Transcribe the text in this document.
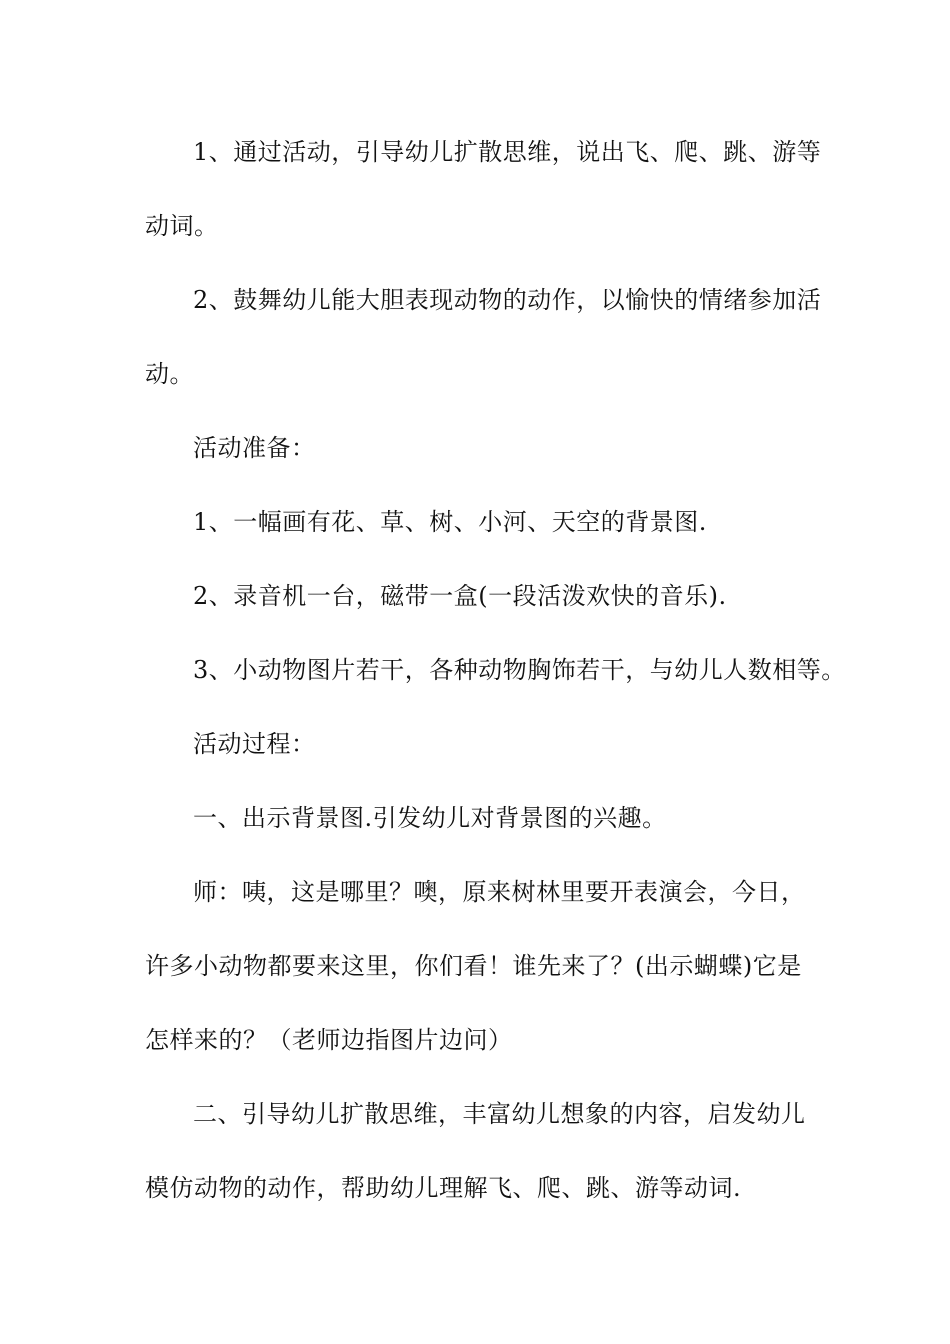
1、通过活动，引导幼儿扩散思维，说出飞、爬、跳、游等
动词。
2、鼓舞幼儿能大胆表现动物的动作，以愉快的情绪参加活
动。
活动准备：
1、一幅画有花、草、树、小河、天空的背景图.
2、录音机一台，磁带一盒(一段活泼欢快的音乐).
3、小动物图片若干，各种动物胸饰若干，与幼儿人数相等。
活动过程：
一、出示背景图.引发幼儿对背景图的兴趣。
师：咦，这是哪里？噢，原来树林里要开表演会，今日，
许多小动物都要来这里，你们看！谁先来了？(出示蝴蝶)它是
怎样来的？（老师边指图片边问）
二、引导幼儿扩散思维，丰富幼儿想象的内容，启发幼儿
模仿动物的动作，帮助幼儿理解飞、爬、跳、游等动词.
